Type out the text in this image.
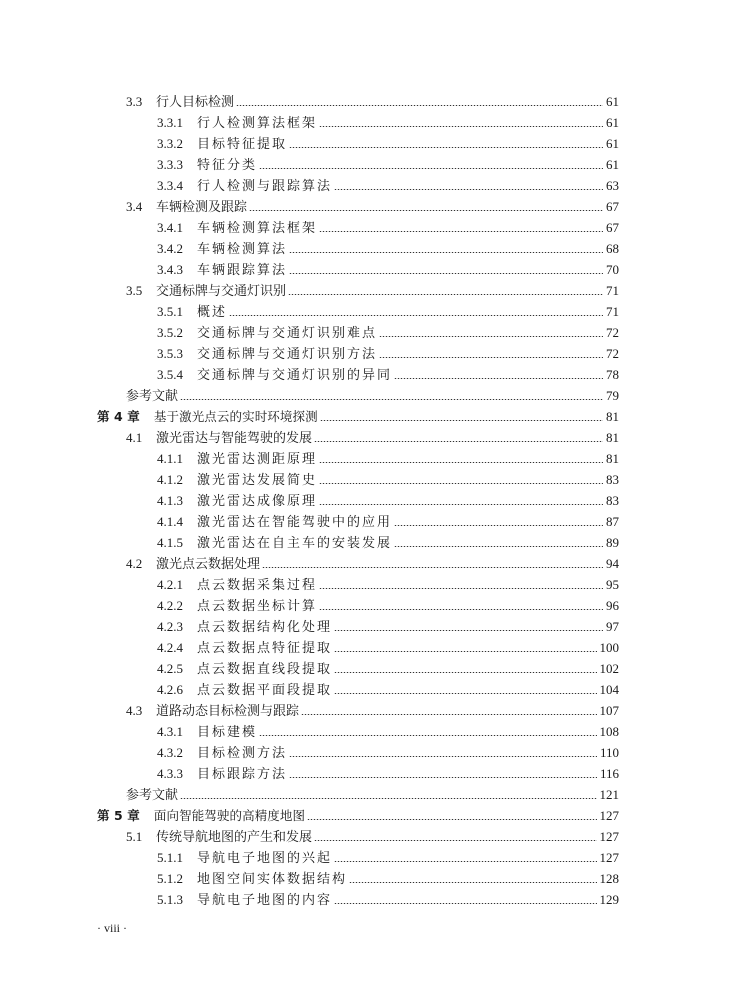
3.3	行人目标检测	61
3.3.1	行人检测算法框架	61
3.3.2	目标特征提取	61
3.3.3	特征分类	61
3.3.4	行人检测与跟踪算法	63
3.4	车辆检测及跟踪	67
3.4.1	车辆检测算法框架	67
3.4.2	车辆检测算法	68
3.4.3	车辆跟踪算法	70
3.5	交通标牌与交通灯识别	71
3.5.1	概述	71
3.5.2	交通标牌与交通灯识别难点	72
3.5.3	交通标牌与交通灯识别方法	72
3.5.4	交通标牌与交通灯识别的异同	78
参考文献	79
第 4 章 基于激光点云的实时环境探测	81
4.1	激光雷达与智能驾驶的发展	81
4.1.1	激光雷达测距原理	81
4.1.2	激光雷达发展简史	83
4.1.3	激光雷达成像原理	83
4.1.4	激光雷达在智能驾驶中的应用	87
4.1.5	激光雷达在自主车的安装发展	89
4.2	激光点云数据处理	94
4.2.1	点云数据采集过程	95
4.2.2	点云数据坐标计算	96
4.2.3	点云数据结构化处理	97
4.2.4	点云数据点特征提取	100
4.2.5	点云数据直线段提取	102
4.2.6	点云数据平面段提取	104
4.3	道路动态目标检测与跟踪	107
4.3.1	目标建模	108
4.3.2	目标检测方法	110
4.3.3	目标跟踪方法	116
参考文献	121
第 5 章 面向智能驾驶的高精度地图	127
5.1	传统导航地图的产生和发展	127
5.1.1	导航电子地图的兴起	127
5.1.2	地图空间实体数据结构	128
5.1.3	导航电子地图的内容	129
· viii ·
